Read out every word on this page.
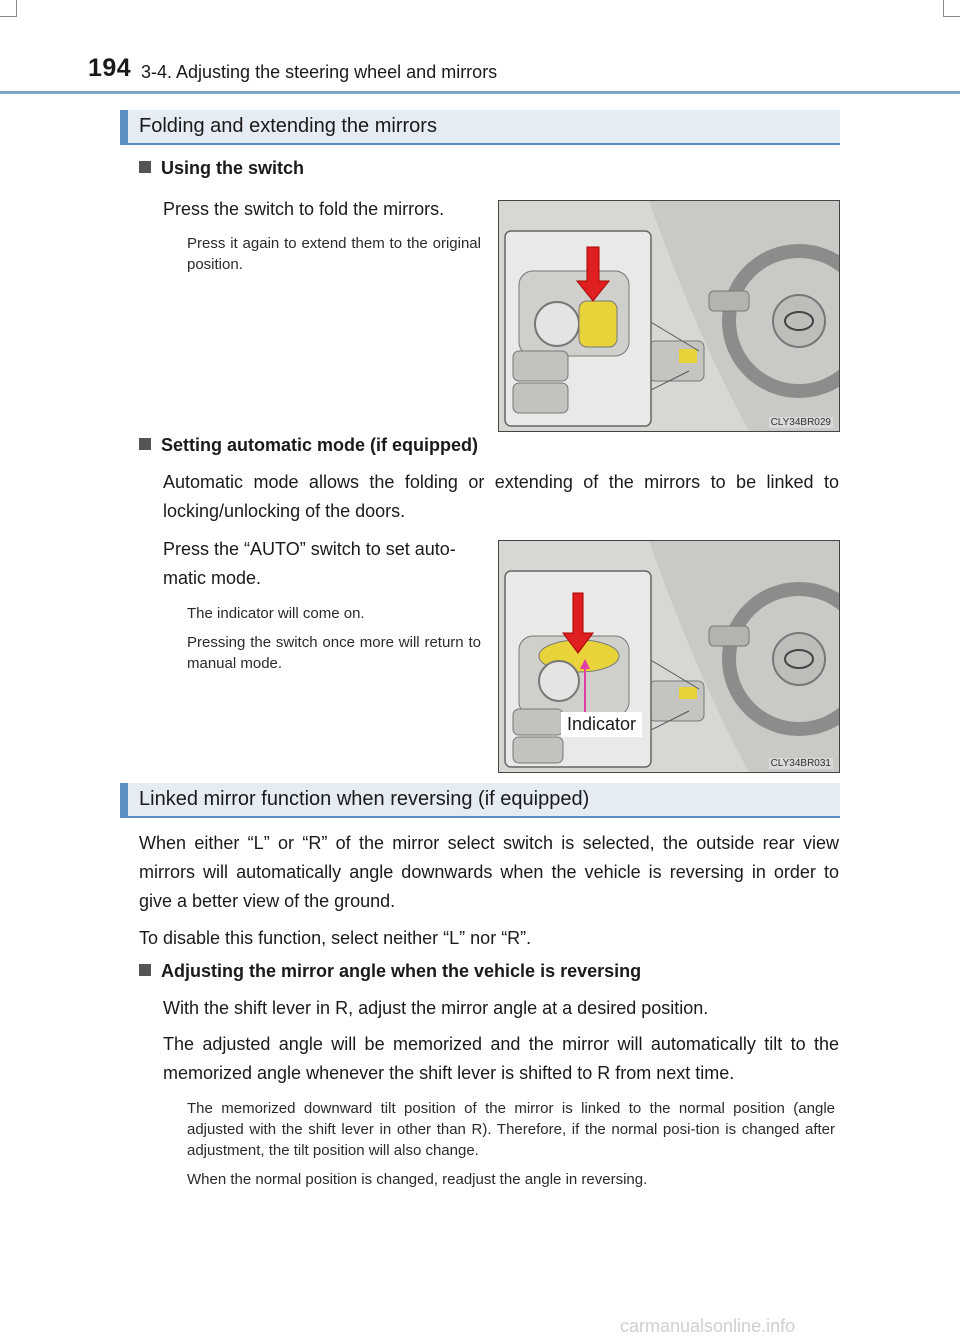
194 3-4. Adjusting the steering wheel and mirrors
Folding and extending the mirrors
Using the switch
Press the switch to fold the mirrors.
Press it again to extend them to the original position.
CLY34BR029
Setting automatic mode (if equipped)
Automatic mode allows the folding or extending of the mirrors to be linked to locking/unlocking of the doors.
Press the “AUTO” switch to set auto-matic mode.
The indicator will come on.
Pressing the switch once more will return to manual mode.
Indicator
CLY34BR031
Linked mirror function when reversing (if equipped)
When either “L” or “R” of the mirror select switch is selected, the outside rear view mirrors will automatically angle downwards when the vehicle is reversing in order to give a better view of the ground.
To disable this function, select neither “L” nor “R”.
Adjusting the mirror angle when the vehicle is reversing
With the shift lever in R, adjust the mirror angle at a desired position.
The adjusted angle will be memorized and the mirror will automatically tilt to the memorized angle whenever the shift lever is shifted to R from next time.
The memorized downward tilt position of the mirror is linked to the normal position (angle adjusted with the shift lever in other than R). Therefore, if the normal posi-tion is changed after adjustment, the tilt position will also change.
When the normal position is changed, readjust the angle in reversing.
carmanualsonline.info
